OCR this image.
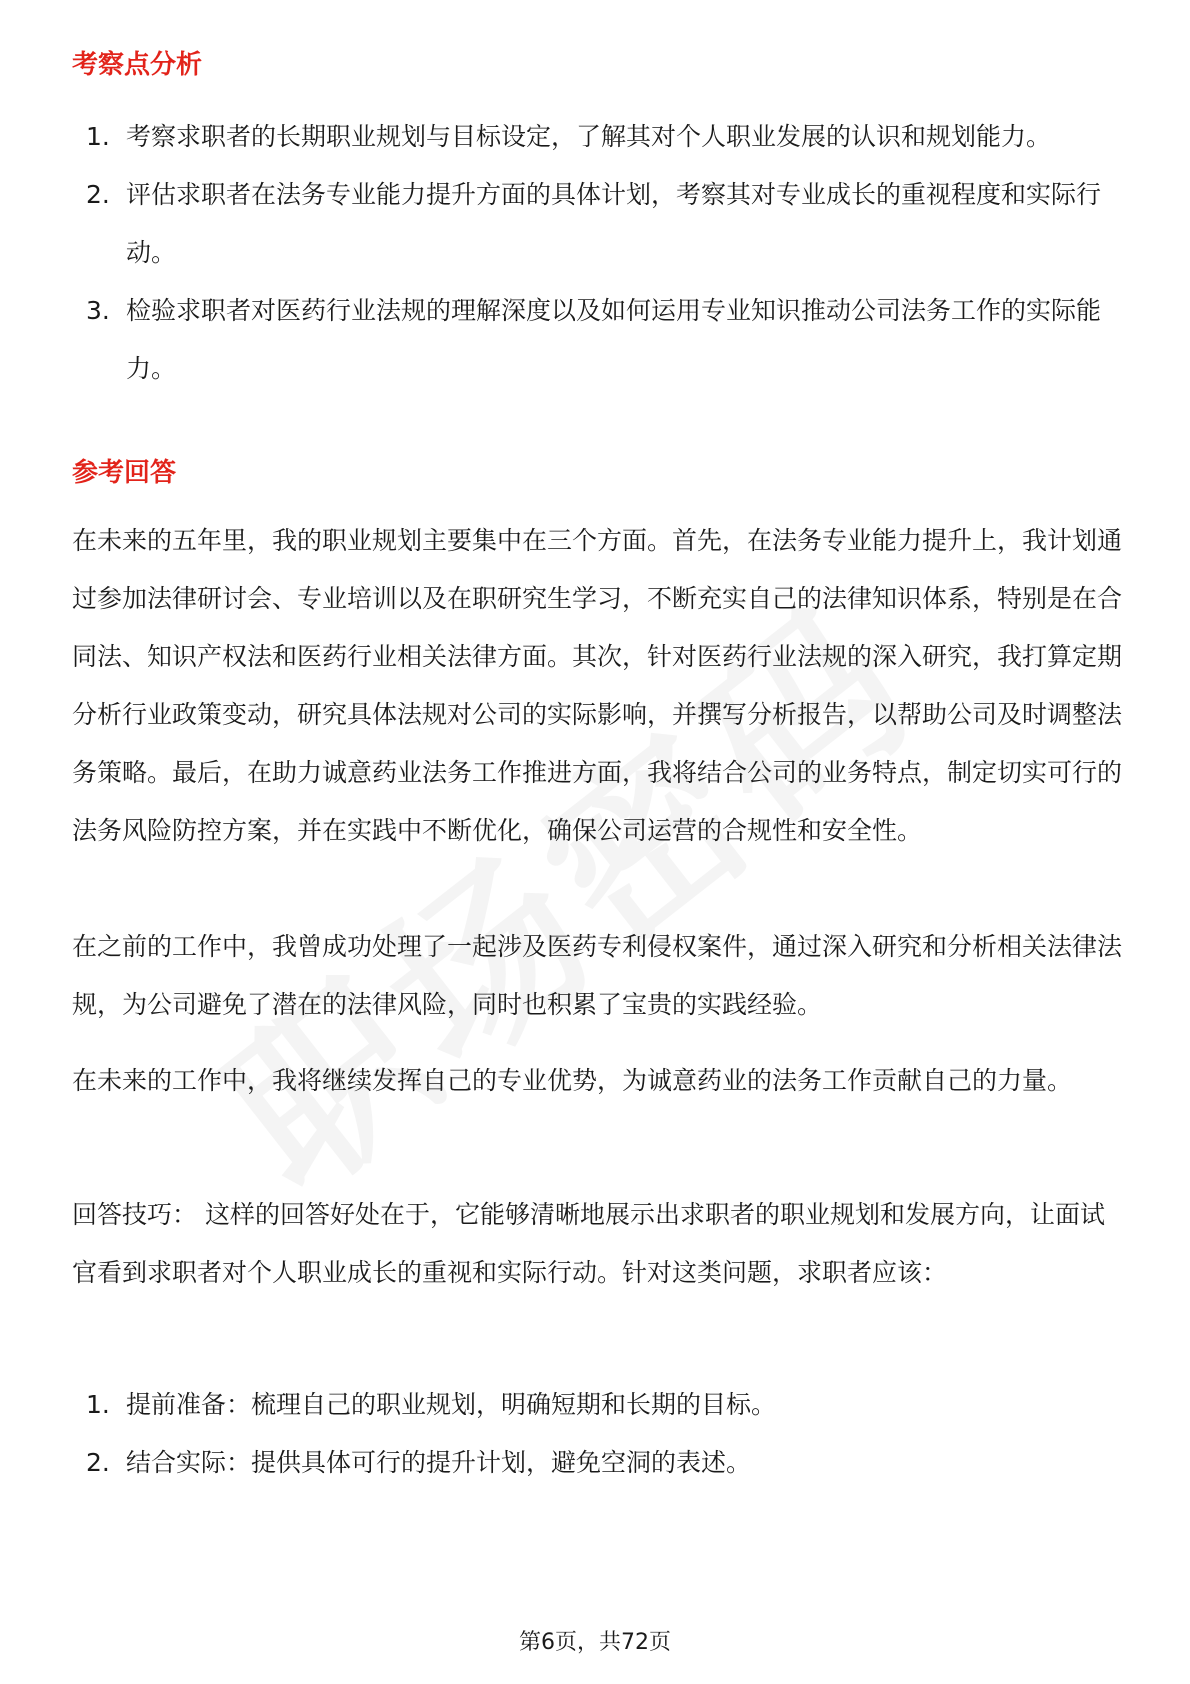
考察点分析
1. 考察求职者的长期职业规划与目标设定，了解其对个人职业发展的认识和规划能力。
2. 评估求职者在法务专业能力提升方面的具体计划，考察其对专业成长的重视程度和实际行动。
3. 检验求职者对医药行业法规的理解深度以及如何运用专业知识推动公司法务工作的实际能力。
参考回答

在未来的五年里，我的职业规划主要集中在三个方面。首先，在法务专业能力提升上，我计划通过参加法律研讨会、专业培训以及在职研究生学习，不断充实自己的法律知识体系，特别是在合同法、知识产权法和医药行业相关法律方面。其次，针对医药行业法规的深入研究，我打算定期分析行业政策变动，研究具体法规对公司的实际影响，并撰写分析报告，以帮助公司及时调整法务策略。最后，在助力诚意药业法务工作推进方面，我将结合公司的业务特点，制定切实可行的法务风险防控方案，并在实践中不断优化，确保公司运营的合规性和安全性。

在之前的工作中，我曾成功处理了一起涉及医药专利侵权案件，通过深入研究和分析相关法律法规，为公司避免了潜在的法律风险，同时也积累了宝贵的实践经验。

在未来的工作中，我将继续发挥自己的专业优势，为诚意药业的法务工作贡献自己的力量。

回答技巧： 这样的回答好处在于，它能够清晰地展示出求职者的职业规划和发展方向，让面试官看到求职者对个人职业成长的重视和实际行动。针对这类问题，求职者应该：

1. 提前准备：梳理自己的职业规划，明确短期和长期的目标。
2. 结合实际：提供具体可行的提升计划，避免空洞的表述。
第6页，共72页
